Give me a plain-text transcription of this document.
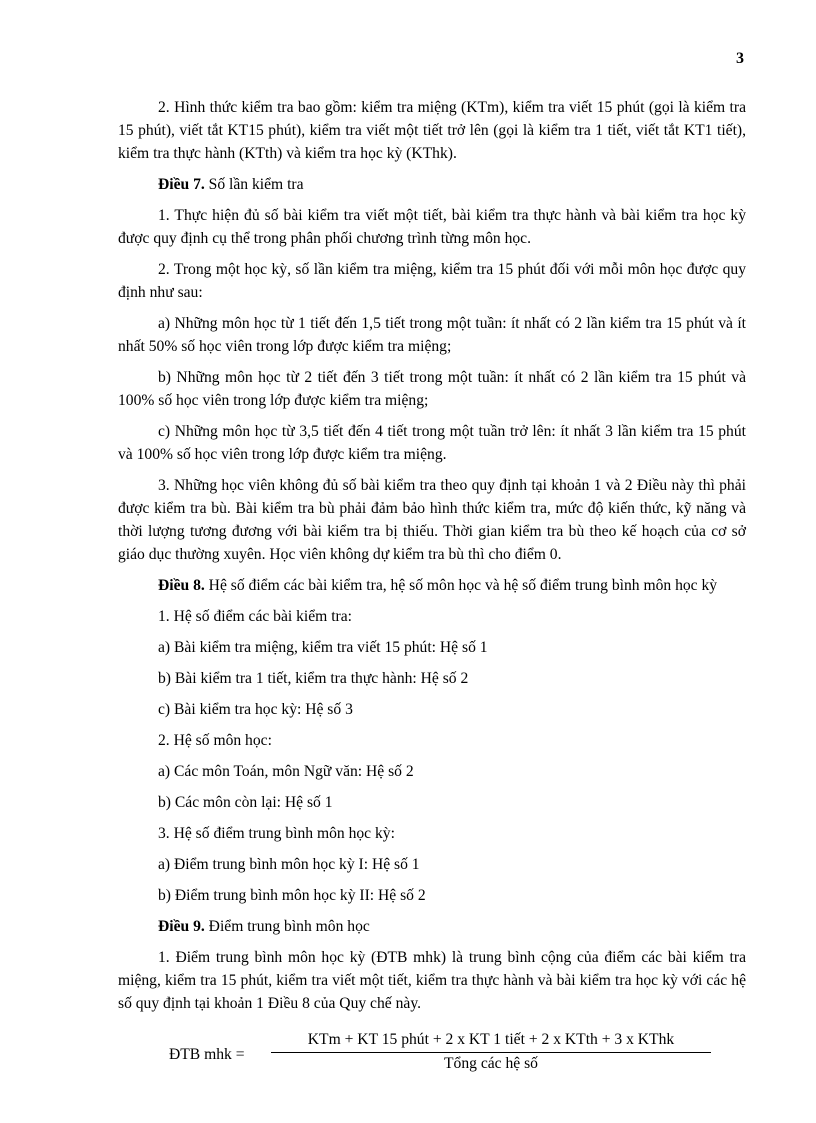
3

2. Hình thức kiểm tra bao gồm: kiểm tra miệng (KTm), kiểm tra viết 15 phút (gọi là kiểm tra 15 phút), viết tắt KT15 phút), kiểm tra viết một tiết trở lên (gọi là kiểm tra 1 tiết, viết tắt KT1 tiết), kiểm tra thực hành (KTth) và kiểm tra học kỳ (KThk).

Điều 7. Số lần kiểm tra

1. Thực hiện đủ số bài kiểm tra viết một tiết, bài kiểm tra thực hành và bài kiểm tra học kỳ được quy định cụ thể trong phân phối chương trình từng môn học.

2. Trong một học kỳ, số lần kiểm tra miệng, kiểm tra 15 phút đối với mỗi môn học được quy định như sau:

a) Những môn học từ 1 tiết đến 1,5 tiết trong một tuần: ít nhất có 2 lần kiểm tra 15 phút và ít nhất 50% số học viên trong lớp được kiểm tra miệng;

b) Những môn học từ 2 tiết đến 3 tiết trong một tuần: ít nhất có 2 lần kiểm tra 15 phút và 100% số học viên trong lớp được kiểm tra miệng;

c) Những môn học từ 3,5 tiết đến 4 tiết trong một tuần trở lên: ít nhất 3 lần kiểm tra 15 phút và 100% số học viên trong lớp được kiểm tra miệng.

3. Những học viên không đủ số bài kiểm tra theo quy định tại khoản 1 và 2 Điều này thì phải được kiểm tra bù. Bài kiểm tra bù phải đảm bảo hình thức kiểm tra, mức độ kiến thức, kỹ năng và thời lượng tương đương với bài kiểm tra bị thiếu. Thời gian kiểm tra bù theo kế hoạch của cơ sở giáo dục thường xuyên. Học viên không dự kiểm tra bù thì cho điểm 0.

Điều 8. Hệ số điểm các bài kiểm tra, hệ số môn học và hệ số điểm trung bình môn học kỳ

1. Hệ số điểm các bài kiểm tra:

a) Bài kiểm tra miệng, kiểm tra viết 15 phút: Hệ số 1

b) Bài kiểm tra 1 tiết, kiểm tra thực hành: Hệ số 2

c) Bài kiểm tra học kỳ: Hệ số 3

2. Hệ số môn học:

a) Các môn Toán, môn Ngữ văn: Hệ số 2

b) Các môn còn lại: Hệ số 1

3. Hệ số điểm trung bình môn học kỳ:

a) Điểm trung bình môn học kỳ I: Hệ số 1

b) Điểm trung bình môn học kỳ II: Hệ số 2

Điều 9. Điểm trung bình môn học

1. Điểm trung bình môn học kỳ (ĐTB mhk) là trung bình cộng của điểm các bài kiểm tra miệng, kiểm tra 15 phút, kiểm tra viết một tiết, kiểm tra thực hành và bài kiểm tra học kỳ với các hệ số quy định tại khoản 1 Điều 8 của Quy chế này.

ĐTB mhk =
KTm + KT 15 phút + 2 x KT 1 tiết + 2 x KTth + 3 x KThk
Tổng các hệ số
